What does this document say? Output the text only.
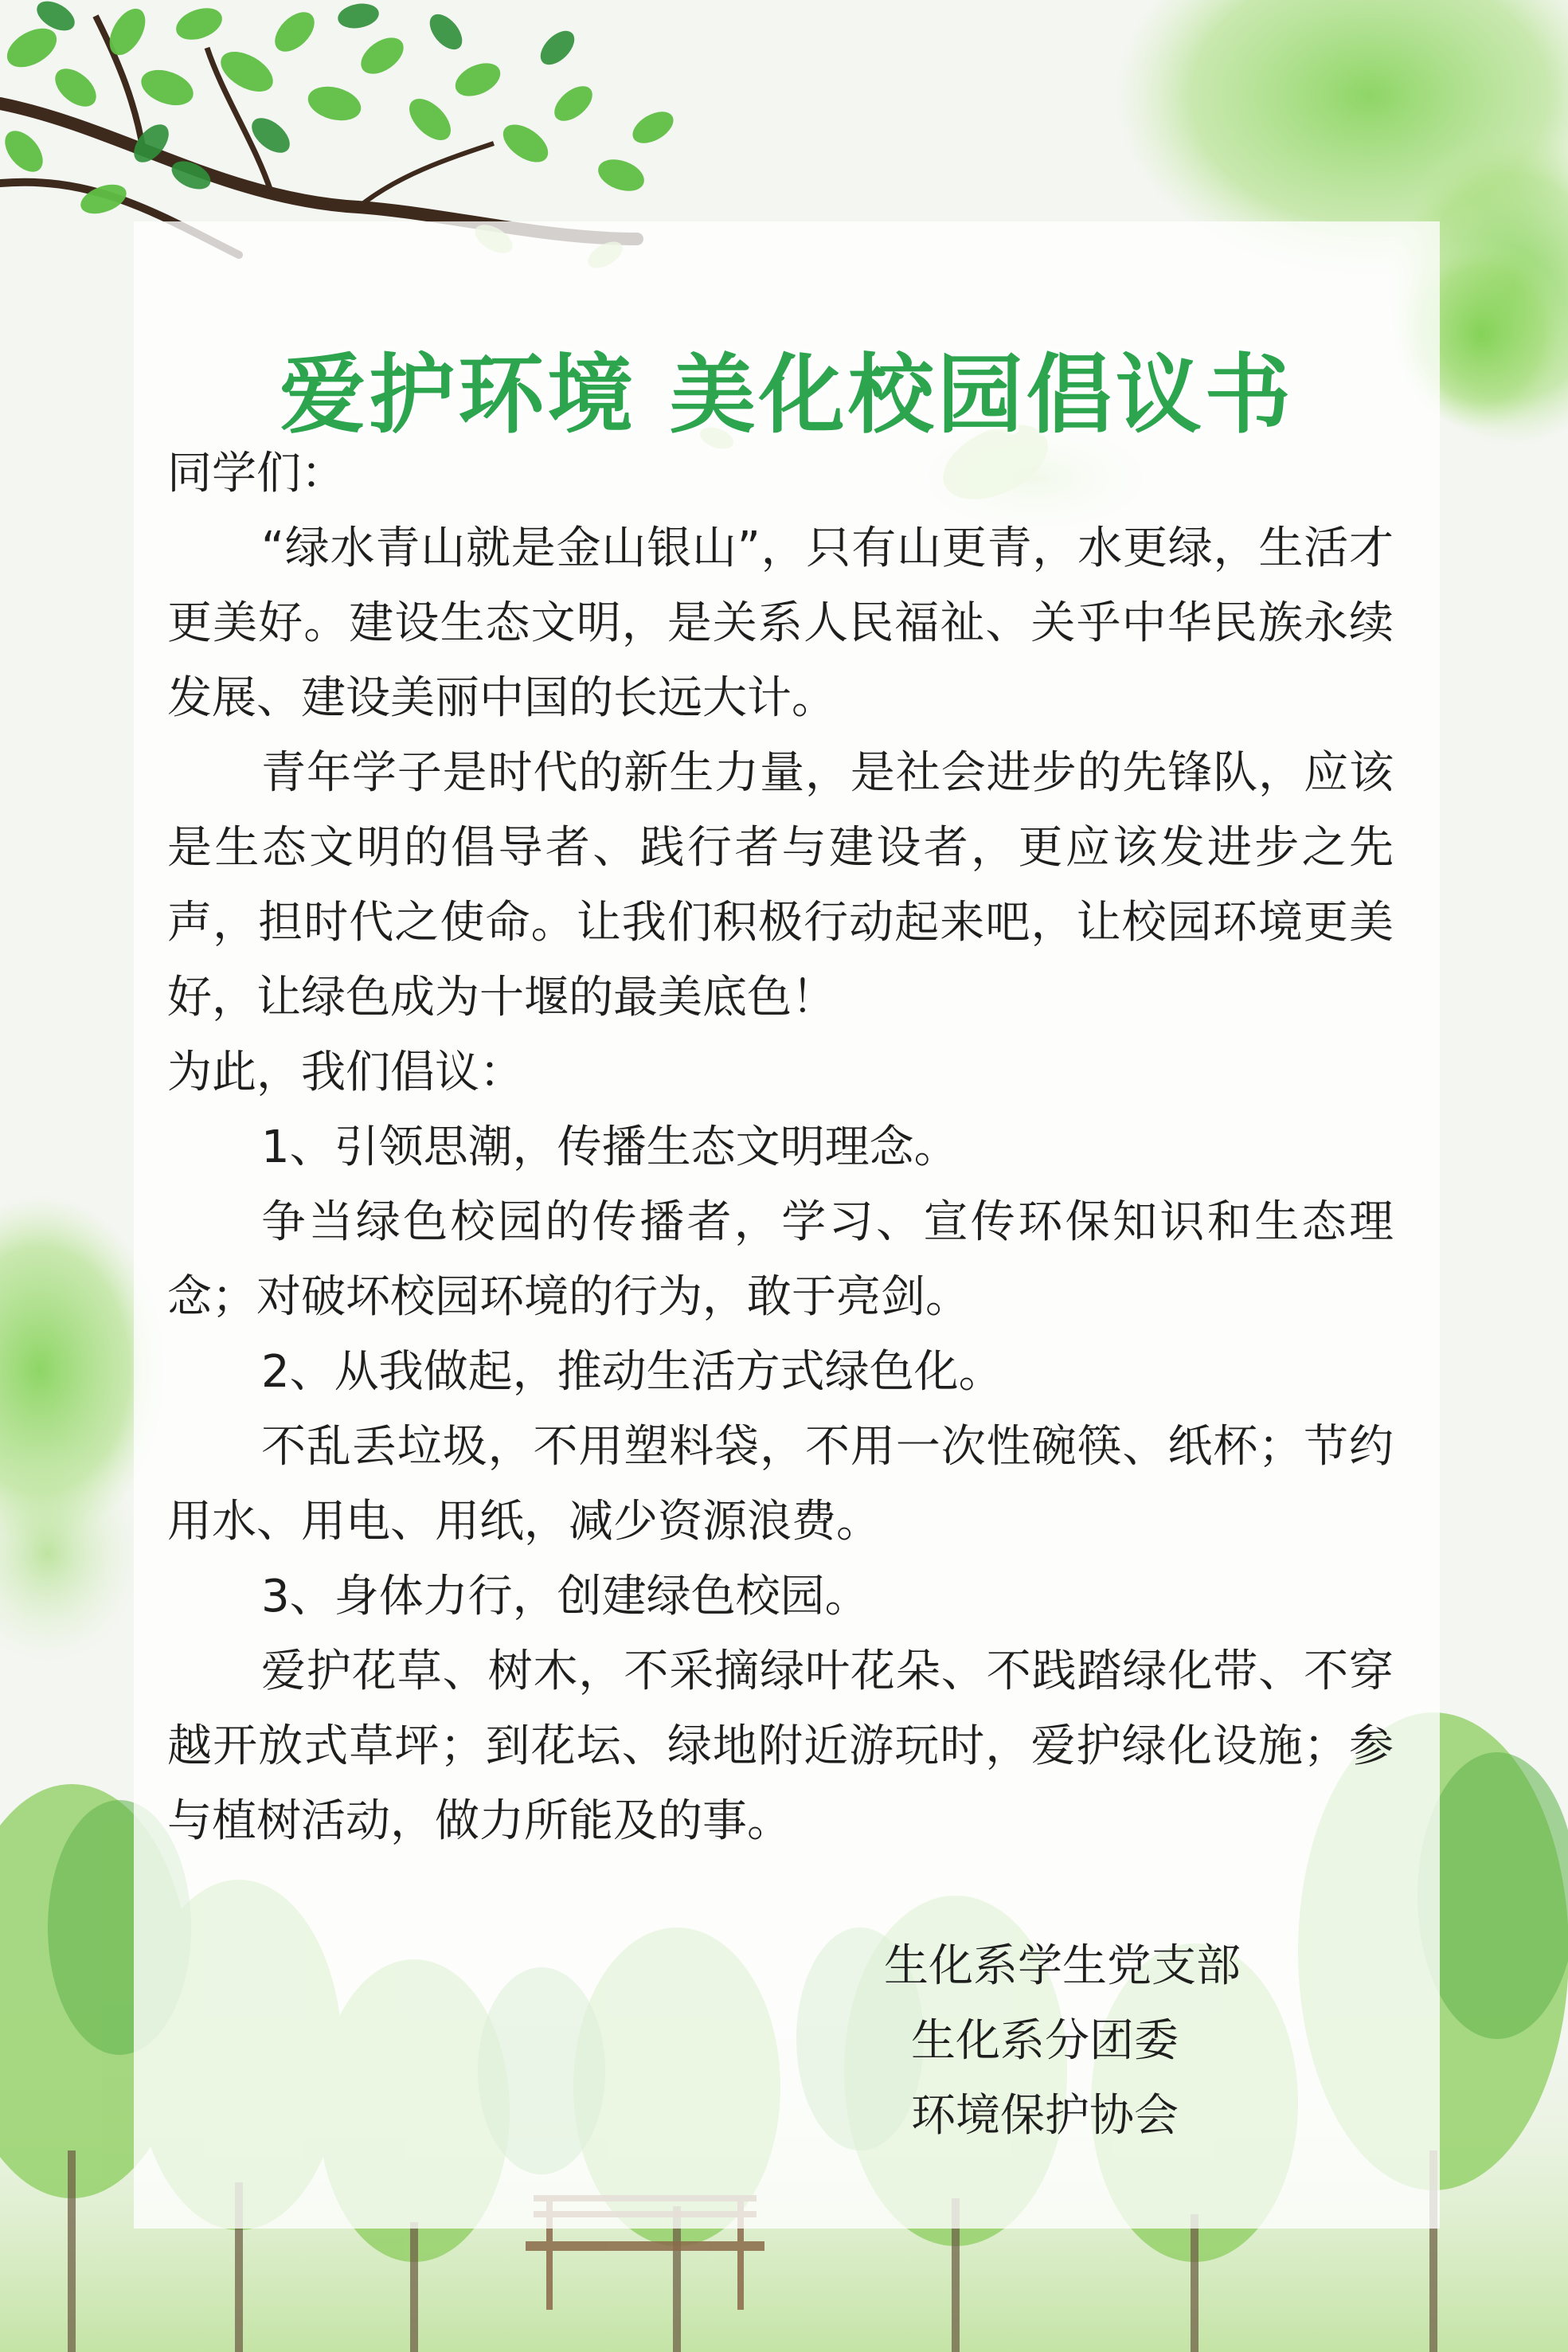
爱护环境 美化校园倡议书

同学们：

“绿水青山就是金山银山”，只有山更青，水更绿，生活才更美好。建设生态文明，是关系人民福祉、关乎中华民族永续发展、建设美丽中国的长远大计。

青年学子是时代的新生力量，是社会进步的先锋队，应该是生态文明的倡导者、践行者与建设者，更应该发进步之先声，担时代之使命。让我们积极行动起来吧，让校园环境更美好，让绿色成为十堰的最美底色！

为此，我们倡议：

1、引领思潮，传播生态文明理念。

争当绿色校园的传播者，学习、宣传环保知识和生态理念；对破坏校园环境的行为，敢于亮剑。

2、从我做起，推动生活方式绿色化。

不乱丢垃圾，不用塑料袋，不用一次性碗筷、纸杯；节约用水、用电、用纸，减少资源浪费。

3、身体力行，创建绿色校园。

爱护花草、树木，不采摘绿叶花朵、不践踏绿化带、不穿越开放式草坪；到花坛、绿地附近游玩时，爱护绿化设施；参与植树活动，做力所能及的事。

生化系学生党支部
生化系分团委
环境保护协会
